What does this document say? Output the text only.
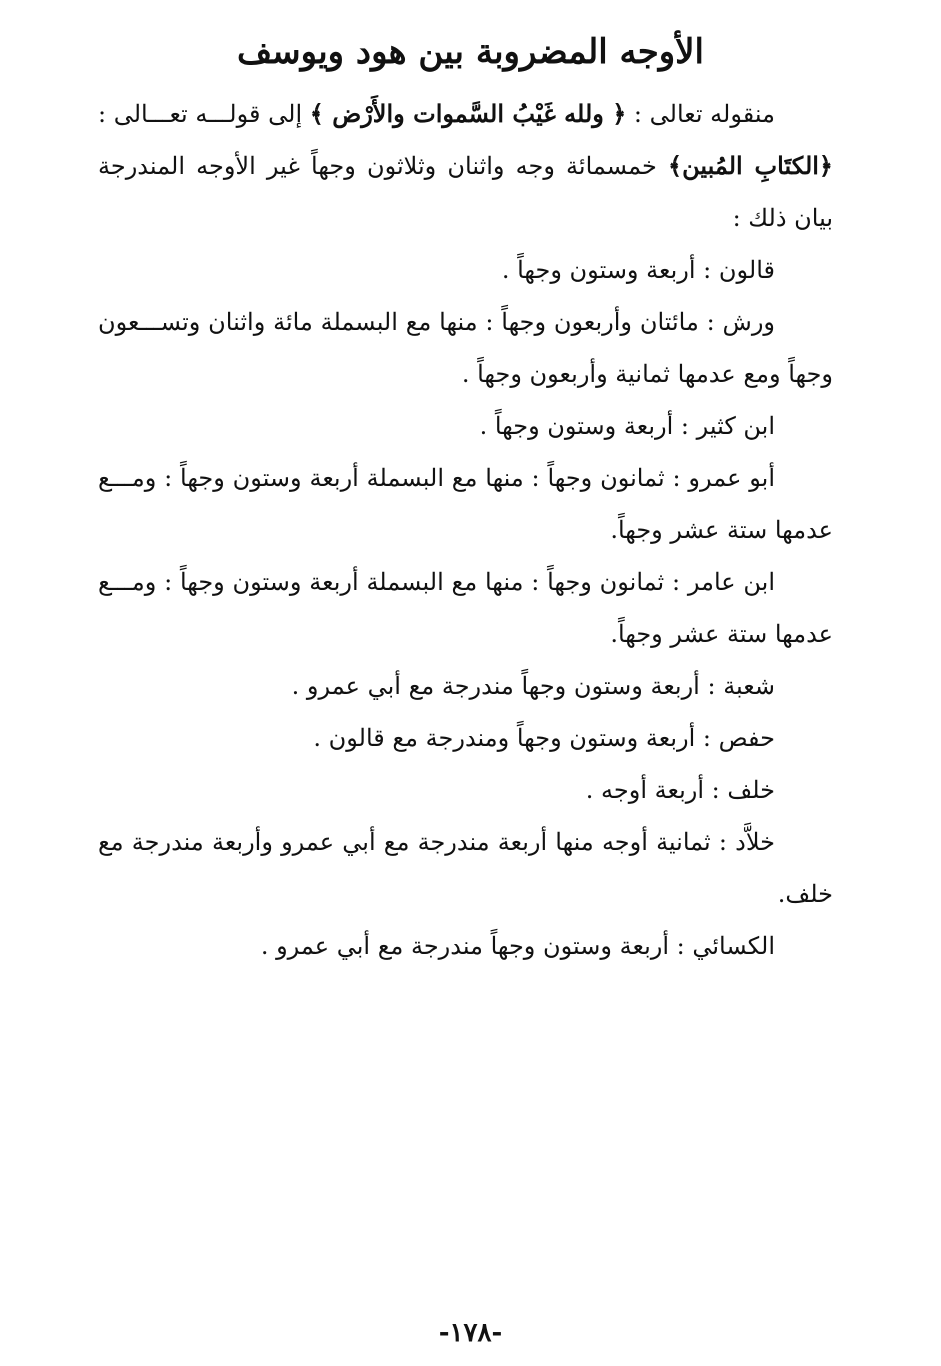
الأوجه المضروبة بين هود ويوسف

منقوله تعالى : ﴿ ولله غَيْبُ السَّموات والأَرْض ﴾ إلى قولـــه تعـــالى : ﴿الكتَابِ المُبين﴾ خمسمائة وجه واثنان وثلاثون وجهاً غير الأوجه المندرجة بيان ذلك :

قالون : أربعة وستون وجهاً .

ورش : مائتان وأربعون وجهاً : منها مع البسملة مائة واثنان وتســـعون وجهاً ومع عدمها ثمانية وأربعون وجهاً .

ابن كثير : أربعة وستون وجهاً .

أبو عمرو : ثمانون وجهاً : منها مع البسملة أربعة وستون وجهاً : ومـــع عدمها ستة عشر وجهاً.

ابن عامر : ثمانون وجهاً : منها مع البسملة أربعة وستون وجهاً : ومـــع عدمها ستة عشر وجهاً.

شعبة : أربعة وستون وجهاً مندرجة مع أبي عمرو .

حفص : أربعة وستون وجهاً ومندرجة مع قالون .

خلف : أربعة أوجه .

خلاَّد : ثمانية أوجه منها أربعة مندرجة مع أبي عمرو وأربعة مندرجة مع خلف.

الكسائي : أربعة وستون وجهاً مندرجة مع أبي عمرو .

-١٧٨-
